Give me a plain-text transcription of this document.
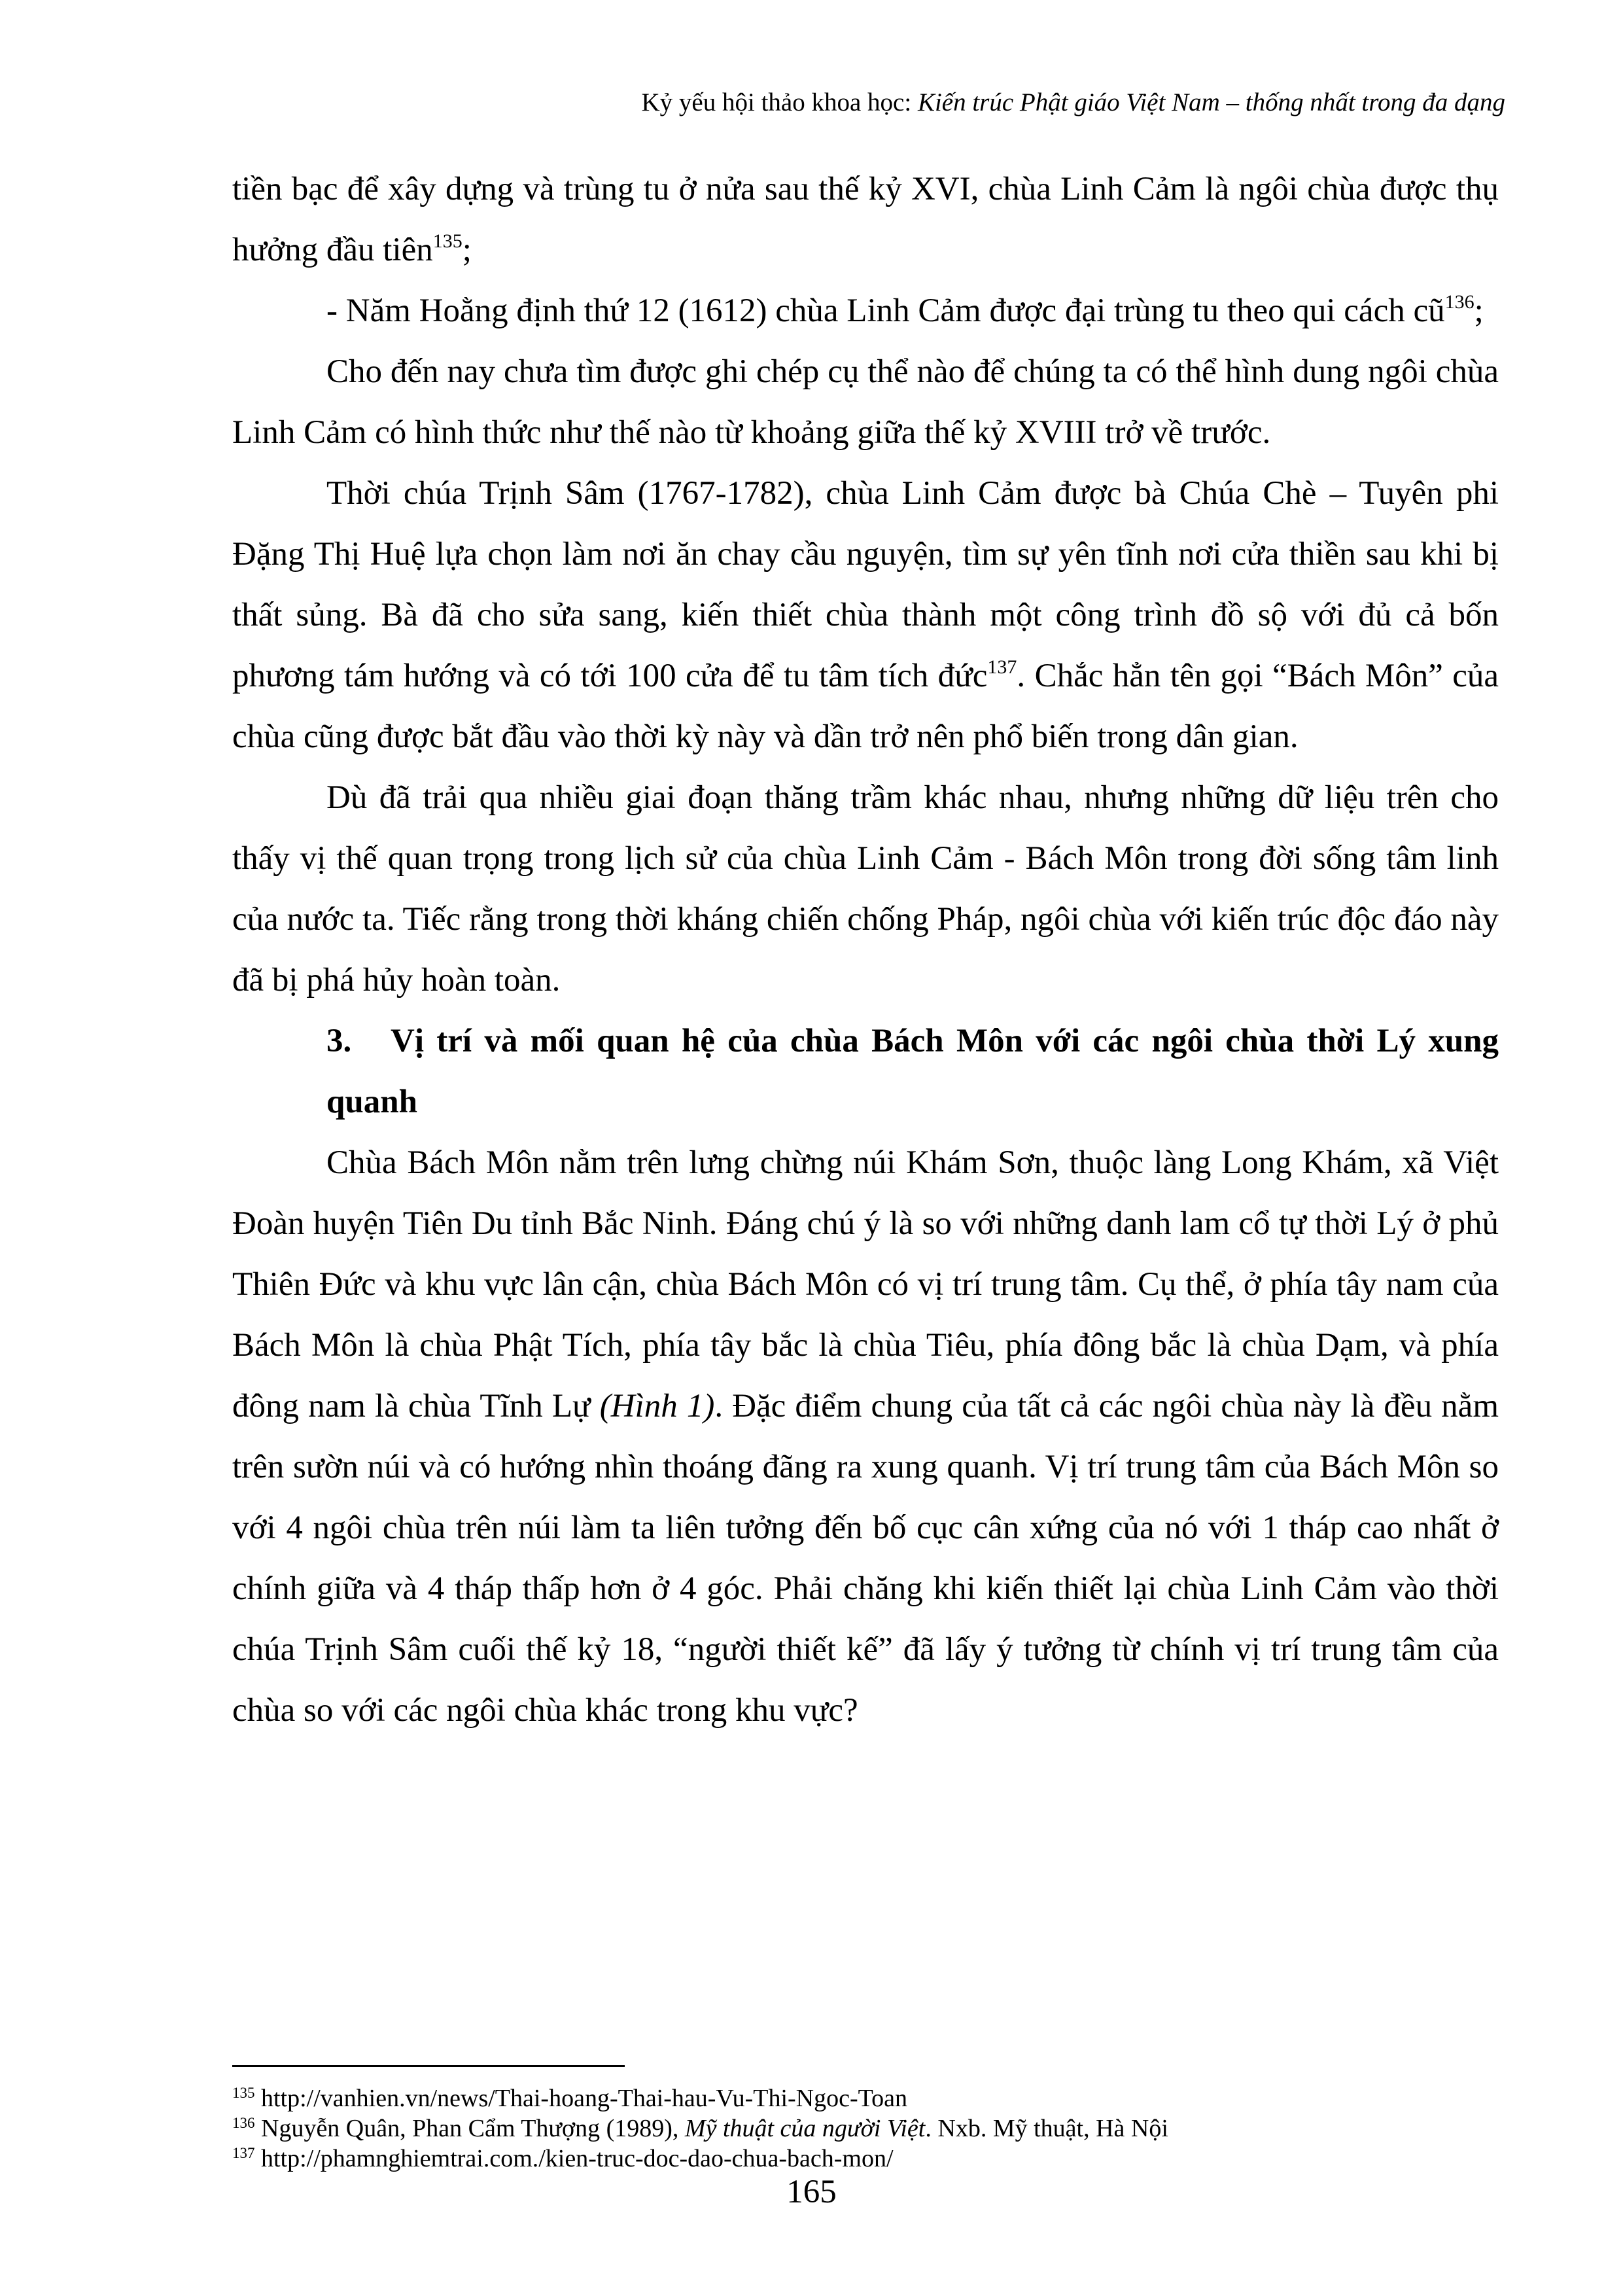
Kỷ yếu hội thảo khoa học: Kiến trúc Phật giáo Việt Nam – thống nhất trong đa dạng

tiền bạc để xây dựng và trùng tu ở nửa sau thế kỷ XVI, chùa Linh Cảm là ngôi chùa được thụ hưởng đầu tiên$^{135}$;

- Năm Hoằng định thứ 12 (1612) chùa Linh Cảm được đại trùng tu theo qui cách $cũ^{136}$;

Cho đến nay chưa tìm được ghi chép cụ thể nào để chúng ta có thể hình dung ngôi chùa Linh Cảm có hình thức như thế nào từ khoảng giữa thế kỷ XVIII trở về trước.

Thời chúa Trịnh Sâm (1767-1782), chùa Linh Cảm được bà Chúa Chè – Tuyên phi Đặng Thị Huệ lựa chọn làm nơi ăn chay cầu nguyện, tìm sự yên tĩnh nơi cửa thiền sau khi bị thất sủng. Bà đã cho sửa sang, kiến thiết chùa thành một công trình đồ sộ với đủ cả bốn phương tám hướng và có tới 100 cửa để tu tâm tích đức$^{137}$. Chắc hẳn tên gọi “Bách Môn” của chùa cũng được bắt đầu vào thời kỳ này và dần trở nên phổ biến trong dân gian.

Dù đã trải qua nhiều giai đoạn thăng trầm khác nhau, nhưng những dữ liệu trên cho thấy vị thế quan trọng trong lịch sử của chùa Linh Cảm - Bách Môn trong đời sống tâm linh của nước ta. Tiếc rằng trong thời kháng chiến chống Pháp, ngôi chùa với kiến trúc độc đáo này đã bị phá hủy hoàn toàn.

3. Vị trí và mối quan hệ của chùa Bách Môn với các ngôi chùa thời Lý xung quanh

Chùa Bách Môn nằm trên lưng chừng núi Khám Sơn, thuộc làng Long Khám, xã Việt Đoàn huyện Tiên Du tỉnh Bắc Ninh. Đáng chú ý là so với những danh lam cổ tự thời Lý ở phủ Thiên Đức và khu vực lân cận, chùa Bách Môn có vị trí trung tâm. Cụ thể, ở phía tây nam của Bách Môn là chùa Phật Tích, phía tây bắc là chùa Tiêu, phía đông bắc là chùa Dạm, và phía đông nam là chùa Tĩnh Lự (Hình 1). Đặc điểm chung của tất cả các ngôi chùa này là đều nằm trên sườn núi và có hướng nhìn thoáng đãng ra xung quanh. Vị trí trung tâm của Bách Môn so với 4 ngôi chùa trên núi làm ta liên tưởng đến bố cục cân xứng của nó với 1 tháp cao nhất ở chính giữa và 4 tháp thấp hơn ở 4 góc. Phải chăng khi kiến thiết lại chùa Linh Cảm vào thời chúa Trịnh Sâm cuối thế kỷ 18, “người thiết kế” đã lấy ý tưởng từ chính vị trí trung tâm của chùa so với các ngôi chùa khác trong khu vực?

$^{135}$ http://vanhien.vn/news/Thai-hoang-Thai-hau-Vu-Thi-Ngoc-Toan
$^{136}$ Nguyễn Quân, Phan Cẩm Thượng (1989), Mỹ thuật của người Việt. Nxb. Mỹ thuật, Hà Nội
$^{137}$ http://phamnghiemtrai.com./kien-truc-doc-dao-chua-bach-mon/
165
